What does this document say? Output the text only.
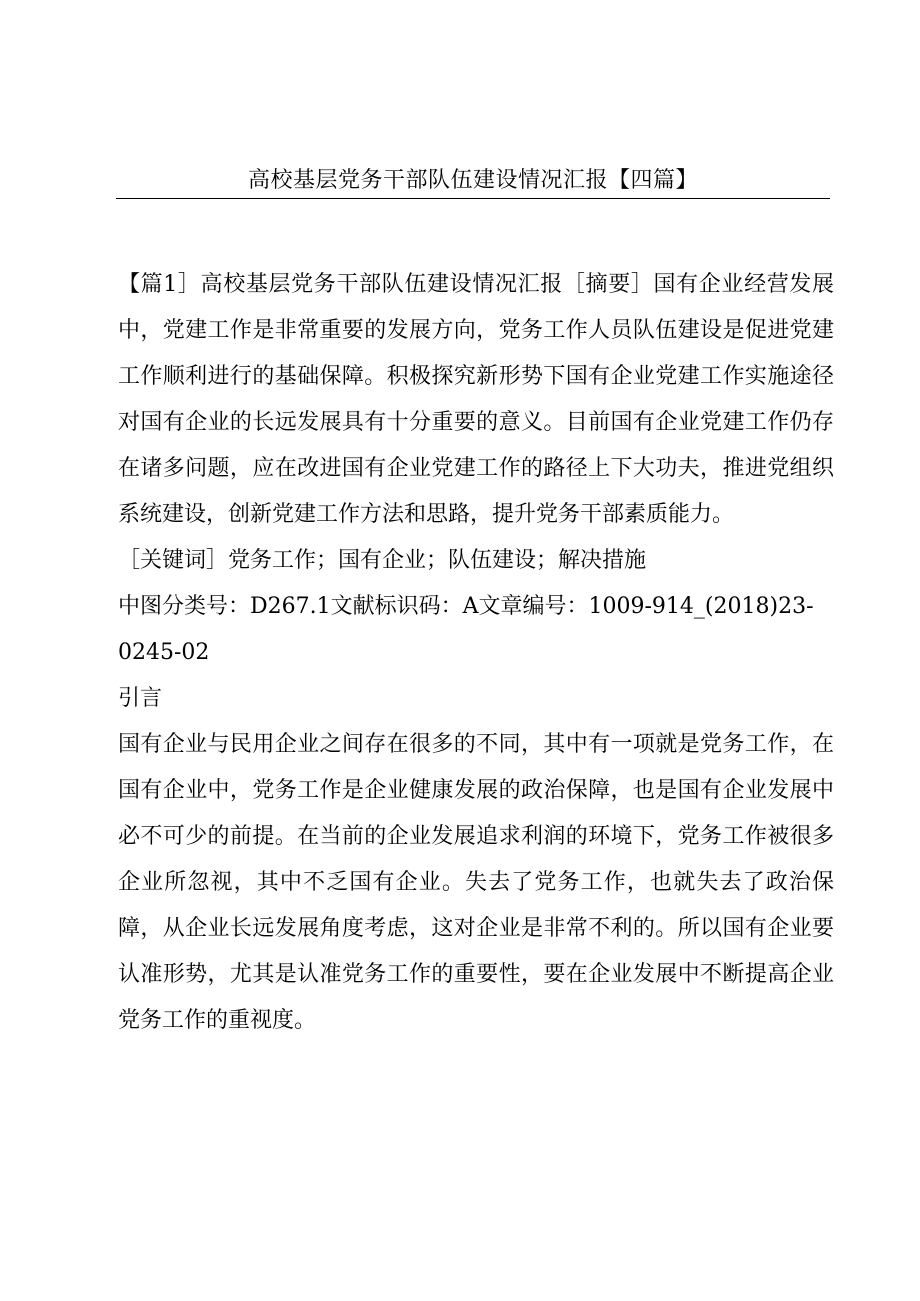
高校基层党务干部队伍建设情况汇报【四篇】

【篇1］高校基层党务干部队伍建设情况汇报［摘要］国有企业经营发展中，党建工作是非常重要的发展方向，党务工作人员队伍建设是促进党建工作顺利进行的基础保障。积极探究新形势下国有企业党建工作实施途径对国有企业的长远发展具有十分重要的意义。目前国有企业党建工作仍存在诸多问题，应在改进国有企业党建工作的路径上下大功夫，推进党组织系统建设，创新党建工作方法和思路，提升党务干部素质能力。

［关键词］党务工作；国有企业；队伍建设；解决措施

中图分类号：D267.1文献标识码：A文章编号：1009-914_(2018)23-0245-02

引言

国有企业与民用企业之间存在很多的不同，其中有一项就是党务工作，在国有企业中，党务工作是企业健康发展的政治保障，也是国有企业发展中必不可少的前提。在当前的企业发展追求利润的环境下，党务工作被很多企业所忽视，其中不乏国有企业。失去了党务工作，也就失去了政治保障，从企业长远发展角度考虑，这对企业是非常不利的。所以国有企业要认准形势，尤其是认准党务工作的重要性，要在企业发展中不断提高企业党务工作的重视度。
